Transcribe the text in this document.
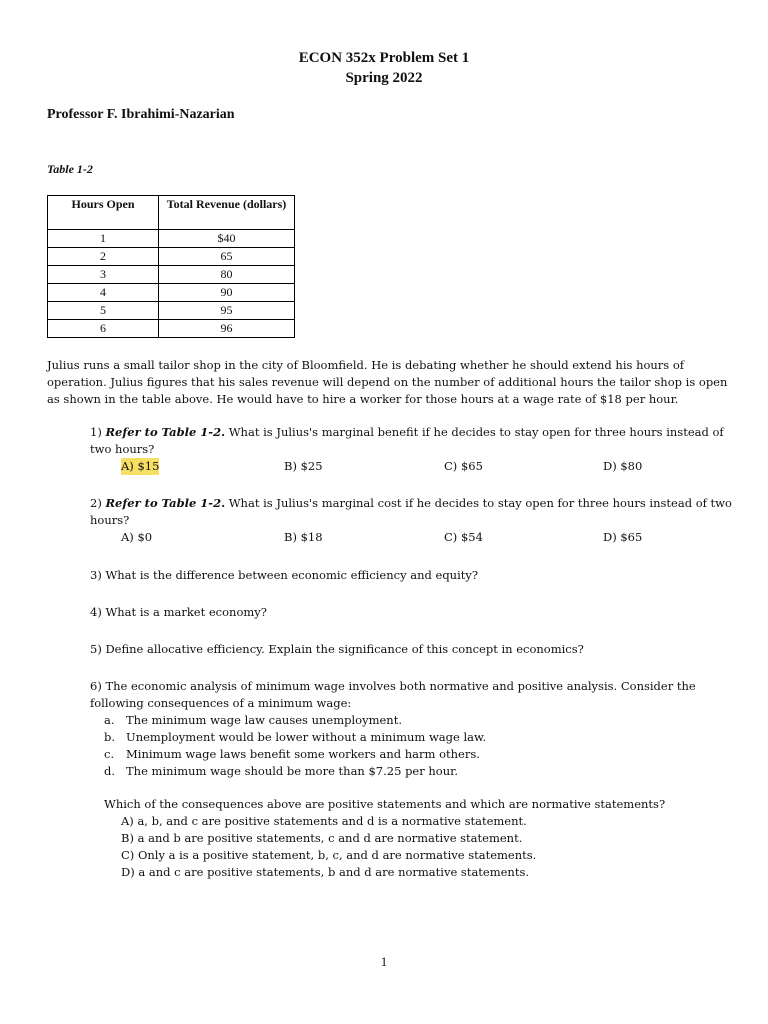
ECON 352x Problem Set 1
Spring 2022
Professor F. Ibrahimi-Nazarian
Table 1-2
Hours Open	Total Revenue (dollars)
1	$40
2	65
3	80
4	90
5	95
6	96
Julius runs a small tailor shop in the city of Bloomfield. He is debating whether he should extend his hours of operation. Julius figures that his sales revenue will depend on the number of additional hours the tailor shop is open as shown in the table above. He would have to hire a worker for those hours at a wage rate of $18 per hour.
1) Refer to Table 1-2. What is Julius's marginal benefit if he decides to stay open for three hours instead of two hours?
A) $15	B) $25	C) $65	D) $80
2) Refer to Table 1-2. What is Julius's marginal cost if he decides to stay open for three hours instead of two hours?
A) $0	B) $18	C) $54	D) $65
3) What is the difference between economic efficiency and equity?
4) What is a market economy?
5) Define allocative efficiency. Explain the significance of this concept in economics?
6) The economic analysis of minimum wage involves both normative and positive analysis. Consider the following consequences of a minimum wage:
a. The minimum wage law causes unemployment.
b. Unemployment would be lower without a minimum wage law.
c. Minimum wage laws benefit some workers and harm others.
d. The minimum wage should be more than $7.25 per hour.
Which of the consequences above are positive statements and which are normative statements?
A) a, b, and c are positive statements and d is a normative statement.
B) a and b are positive statements, c and d are normative statement.
C) Only a is a positive statement, b, c, and d are normative statements.
D) a and c are positive statements, b and d are normative statements.
1
